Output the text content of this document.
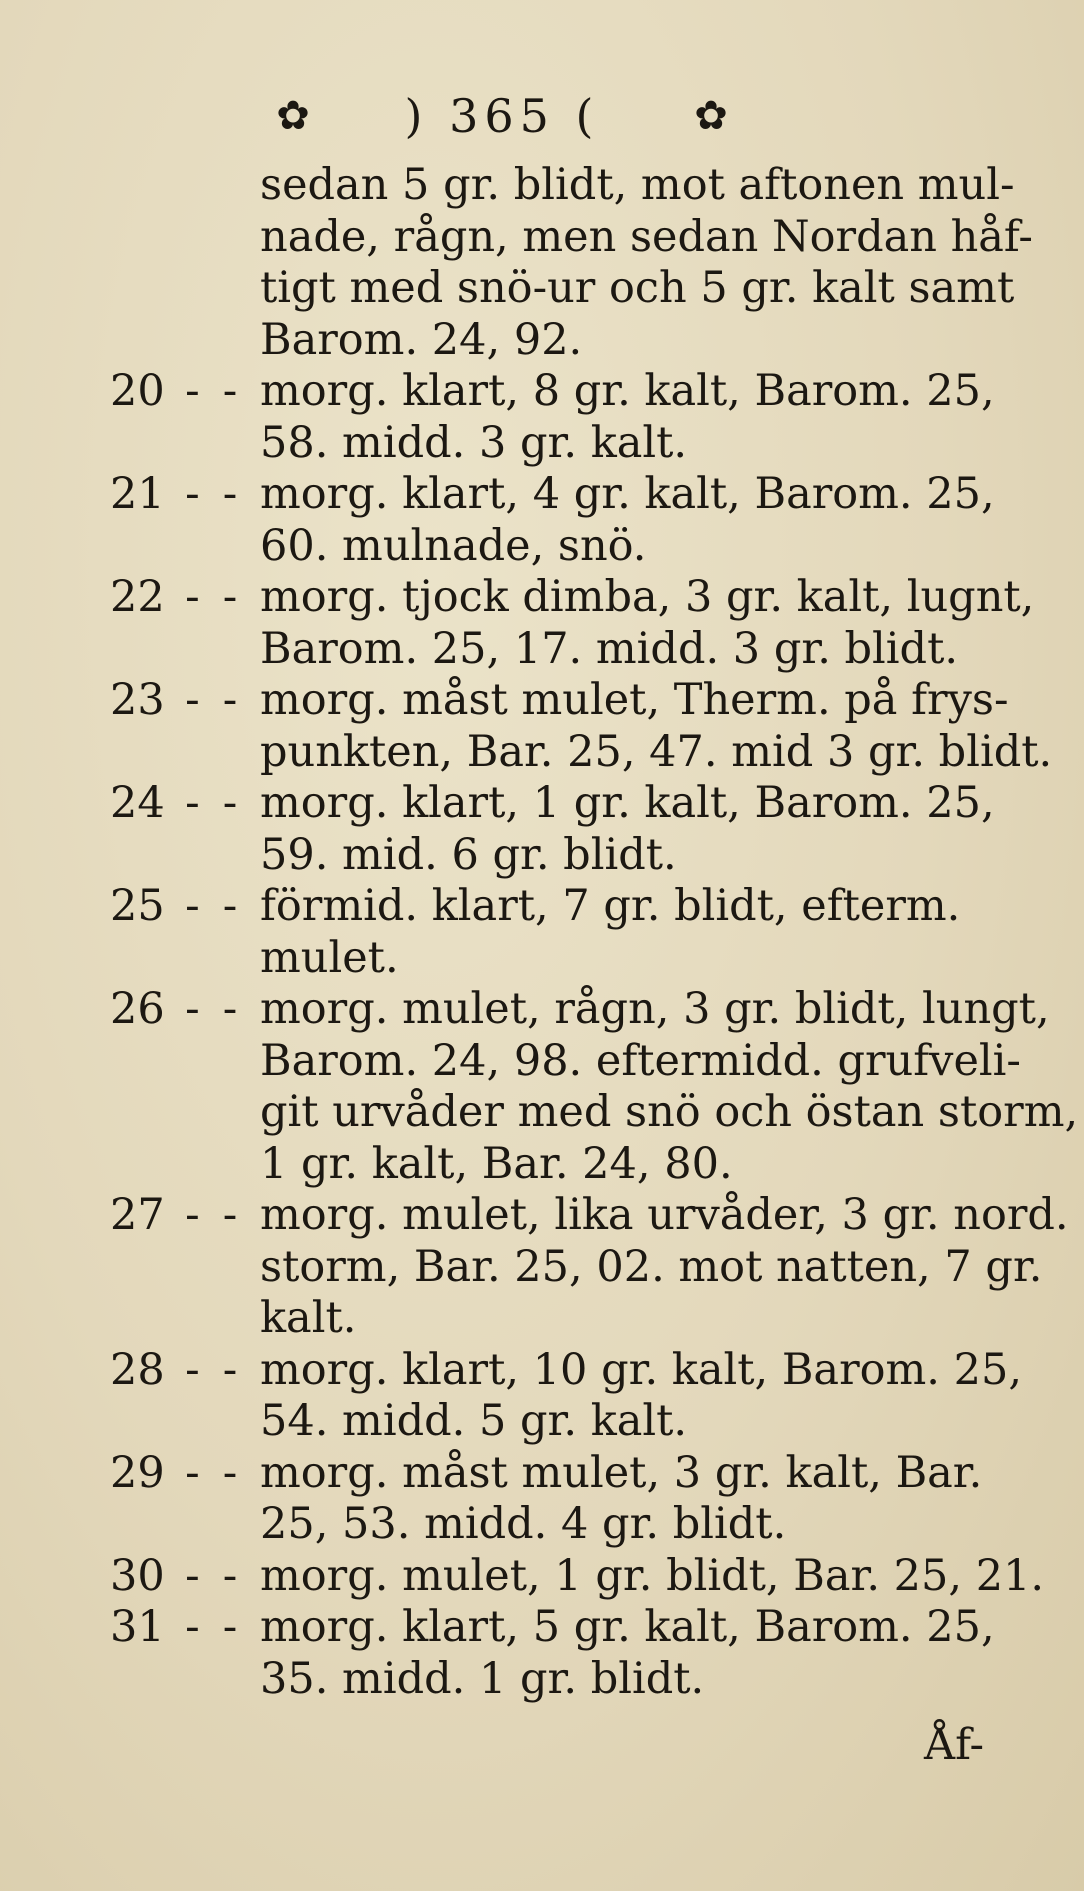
✿ ) 365 ( ✿
sedan 5 gr. blidt, mot aftonen mul-
nade, rågn, men sedan Nordan håf-
tigt med snö-ur och 5 gr. kalt samt
Barom. 24, 92.
20 - - morg. klart, 8 gr. kalt, Barom. 25,
58. midd. 3 gr. kalt.
21 - - morg. klart, 4 gr. kalt, Barom. 25,
60. mulnade, snö.
22 - - morg. tjock dimba, 3 gr. kalt, lugnt,
Barom. 25, 17. midd. 3 gr. blidt.
23 - - morg. måst mulet, Therm. på frys-
punkten, Bar. 25, 47. mid 3 gr. blidt.
24 - - morg. klart, 1 gr. kalt, Barom. 25,
59. mid. 6 gr. blidt.
25 - - förmid. klart, 7 gr. blidt, efterm.
mulet.
26 - - morg. mulet, rågn, 3 gr. blidt, lungt,
Barom. 24, 98. eftermidd. grufveli-
git urvåder med snö och östan storm,
1 gr. kalt, Bar. 24, 80.
27 - - morg. mulet, lika urvåder, 3 gr. nord.
storm, Bar. 25, 02. mot natten, 7 gr.
kalt.
28 - - morg. klart, 10 gr. kalt, Barom. 25,
54. midd. 5 gr. kalt.
29 - - morg. måst mulet, 3 gr. kalt, Bar.
25, 53. midd. 4 gr. blidt.
30 - - morg. mulet, 1 gr. blidt, Bar. 25, 21.
31 - - morg. klart, 5 gr. kalt, Barom. 25,
35. midd. 1 gr. blidt.
Åf-
